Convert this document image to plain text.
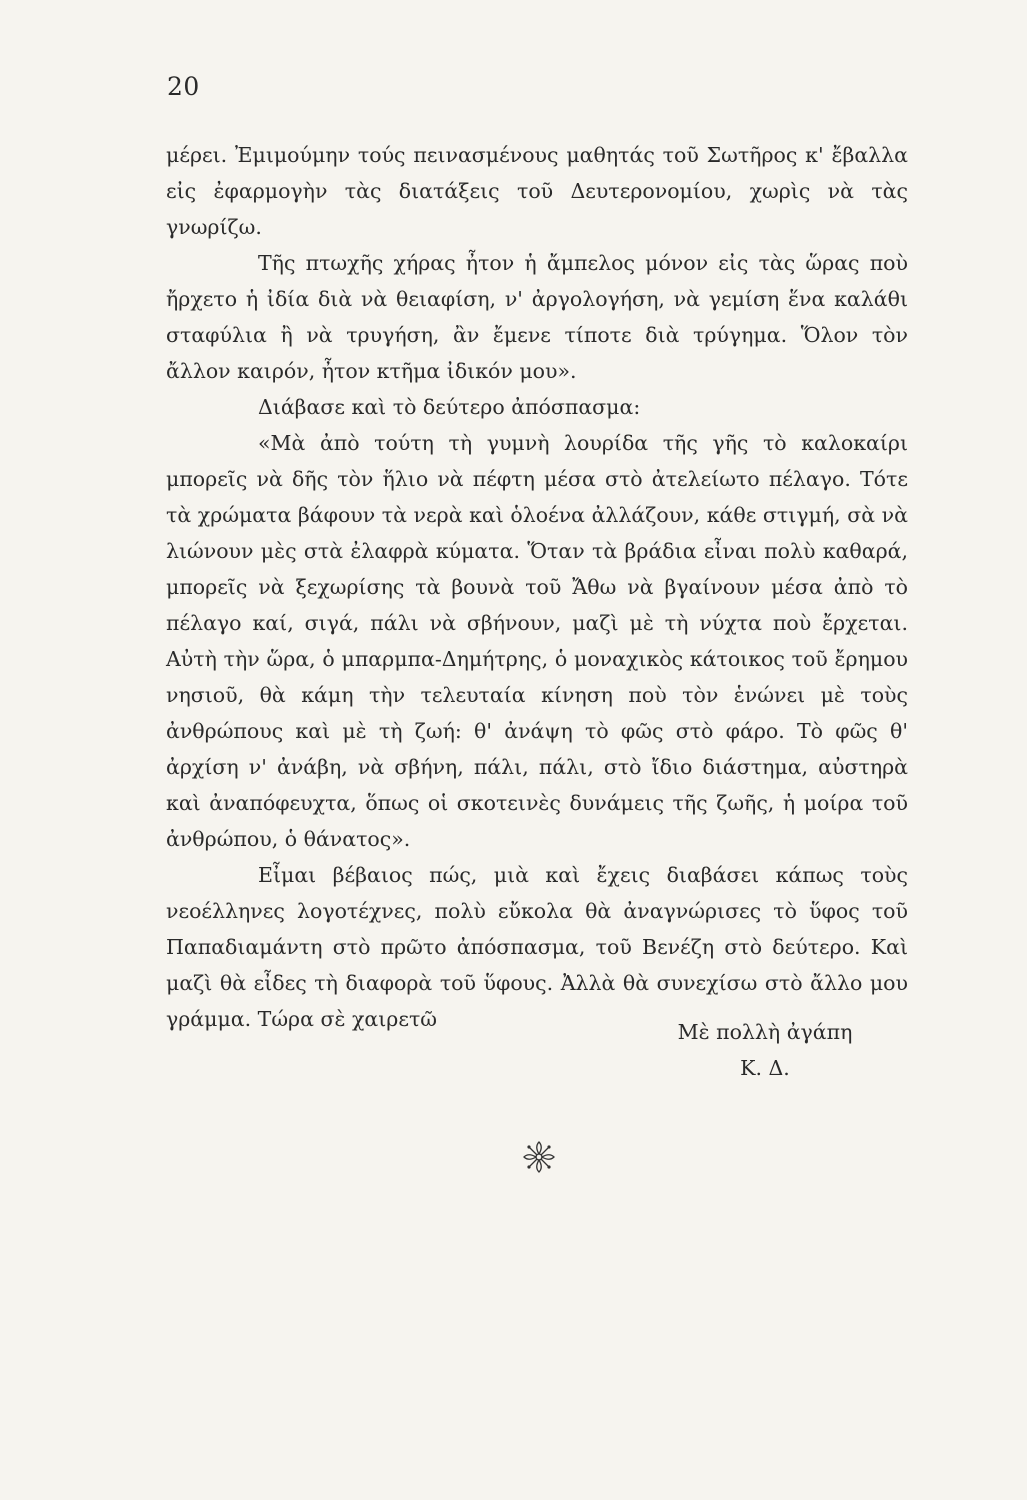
20

μέρει. Ἐμιμούμην τούς πεινασμένους μαθητάς τοῦ Σωτῆρος κ' ἔβαλλα εἰς ἐφαρμογὴν τὰς διατάξεις τοῦ Δευτερονομίου, χωρὶς νὰ τὰς γνωρίζω.

Τῆς πτωχῆς χήρας ἦτον ἡ ἄμπελος μόνον εἰς τὰς ὥρας ποὺ ἤρχετο ἡ ἰδία διὰ νὰ θειαφίση, ν' ἀργολογήση, νὰ γεμίση ἕνα καλάθι σταφύλια ἢ νὰ τρυγήση, ἂν ἔμενε τίποτε διὰ τρύγημα. Ὅλον τὸν ἄλλον καιρόν, ἦτον κτῆμα ἰδικόν μου».

Διάβασε καὶ τὸ δεύτερο ἀπόσπασμα:

«Μὰ ἀπὸ τούτη τὴ γυμνὴ λουρίδα τῆς γῆς τὸ καλοκαίρι μπορεῖς νὰ δῆς τὸν ἥλιο νὰ πέφτη μέσα στὸ ἀτελείωτο πέλαγο. Τότε τὰ χρώματα βάφουν τὰ νερὰ καὶ ὁλοένα ἀλλάζουν, κάθε στιγμή, σὰ νὰ λιώνουν μὲς στὰ ἐλαφρὰ κύματα. Ὅταν τὰ βράδια εἶναι πολὺ καθαρά, μπορεῖς νὰ ξεχωρίσης τὰ βουνὰ τοῦ Ἄθω νὰ βγαίνουν μέσα ἀπὸ τὸ πέλαγο καί, σιγά, πάλι νὰ σβήνουν, μαζὶ μὲ τὴ νύχτα ποὺ ἔρχεται. Αὐτὴ τὴν ὥρα, ὁ μπαρμπα-Δημήτρης, ὁ μοναχικὸς κάτοικος τοῦ ἔρημου νησιοῦ, θὰ κάμη τὴν τελευταία κίνηση ποὺ τὸν ἑνώνει μὲ τοὺς ἀνθρώπους καὶ μὲ τὴ ζωή: θ' ἀνάψη τὸ φῶς στὸ φάρο. Τὸ φῶς θ' ἀρχίση ν' ἀνάβη, νὰ σβήνη, πάλι, πάλι, στὸ ἴδιο διάστημα, αὐστηρὰ καὶ ἀναπόφευχτα, ὅπως οἱ σκοτεινὲς δυνάμεις τῆς ζωῆς, ἡ μοίρα τοῦ ἀνθρώπου, ὁ θάνατος».

Εἶμαι βέβαιος πώς, μιὰ καὶ ἔχεις διαβάσει κάπως τοὺς νεοέλληνες λογοτέχνες, πολὺ εὔκολα θὰ ἀναγνώρισες τὸ ὕφος τοῦ Παπαδιαμάντη στὸ πρῶτο ἀπόσπασμα, τοῦ Βενέζη στὸ δεύτερο. Καὶ μαζὶ θὰ εἶδες τὴ διαφορὰ τοῦ ὕφους. Ἀλλὰ θὰ συνεχίσω στὸ ἄλλο μου γράμμα. Τώρα σὲ χαιρετῶ

Μὲ πολλὴ ἀγάπη
Κ. Δ.
